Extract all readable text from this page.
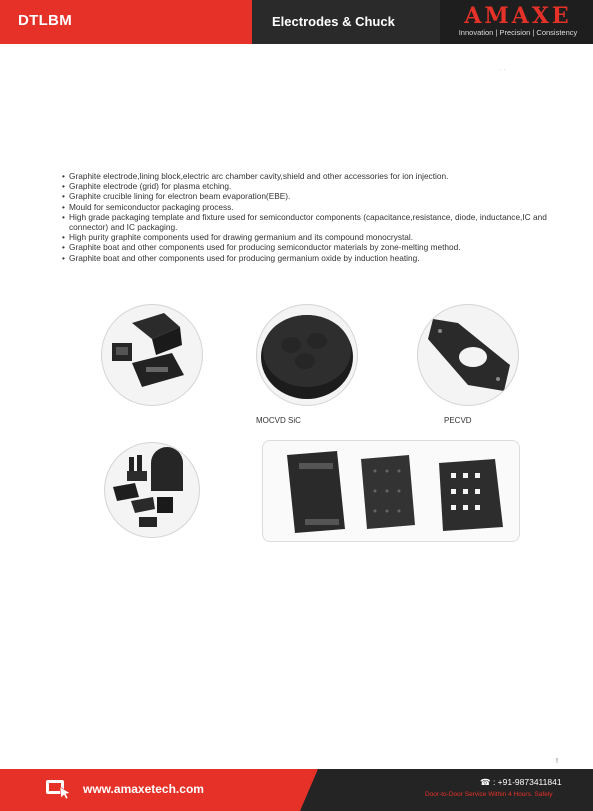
DTLBM	Electrodes & Chuck	AMAXE
Innovation | Precision | Consistency
· ·
• Graphite electrode,lining block,electric arc chamber cavity,shield and other accessories for ion injection.
• Graphite electrode (grid) for plasma etching.
• Graphite crucible lining for electron beam evaporation(EBE).
• Mould for semiconductor packaging process.
• High grade packaging template and fixture used for semiconductor components (capacitance,resistance, diode, inductance,IC and connector) and IC packaging.
• High purity graphite components used for drawing germanium and its compound monocrystal.
• Graphite boat and other components used for producing semiconductor materials by zone-melting method.
• Graphite boat and other components used for producing germanium oxide by induction heating.
MOCVD SiC	PECVD
!
www.amaxetech.com	☎ : +91-9873411841
Door-to-Door Service Within 4 Hours. Safely
